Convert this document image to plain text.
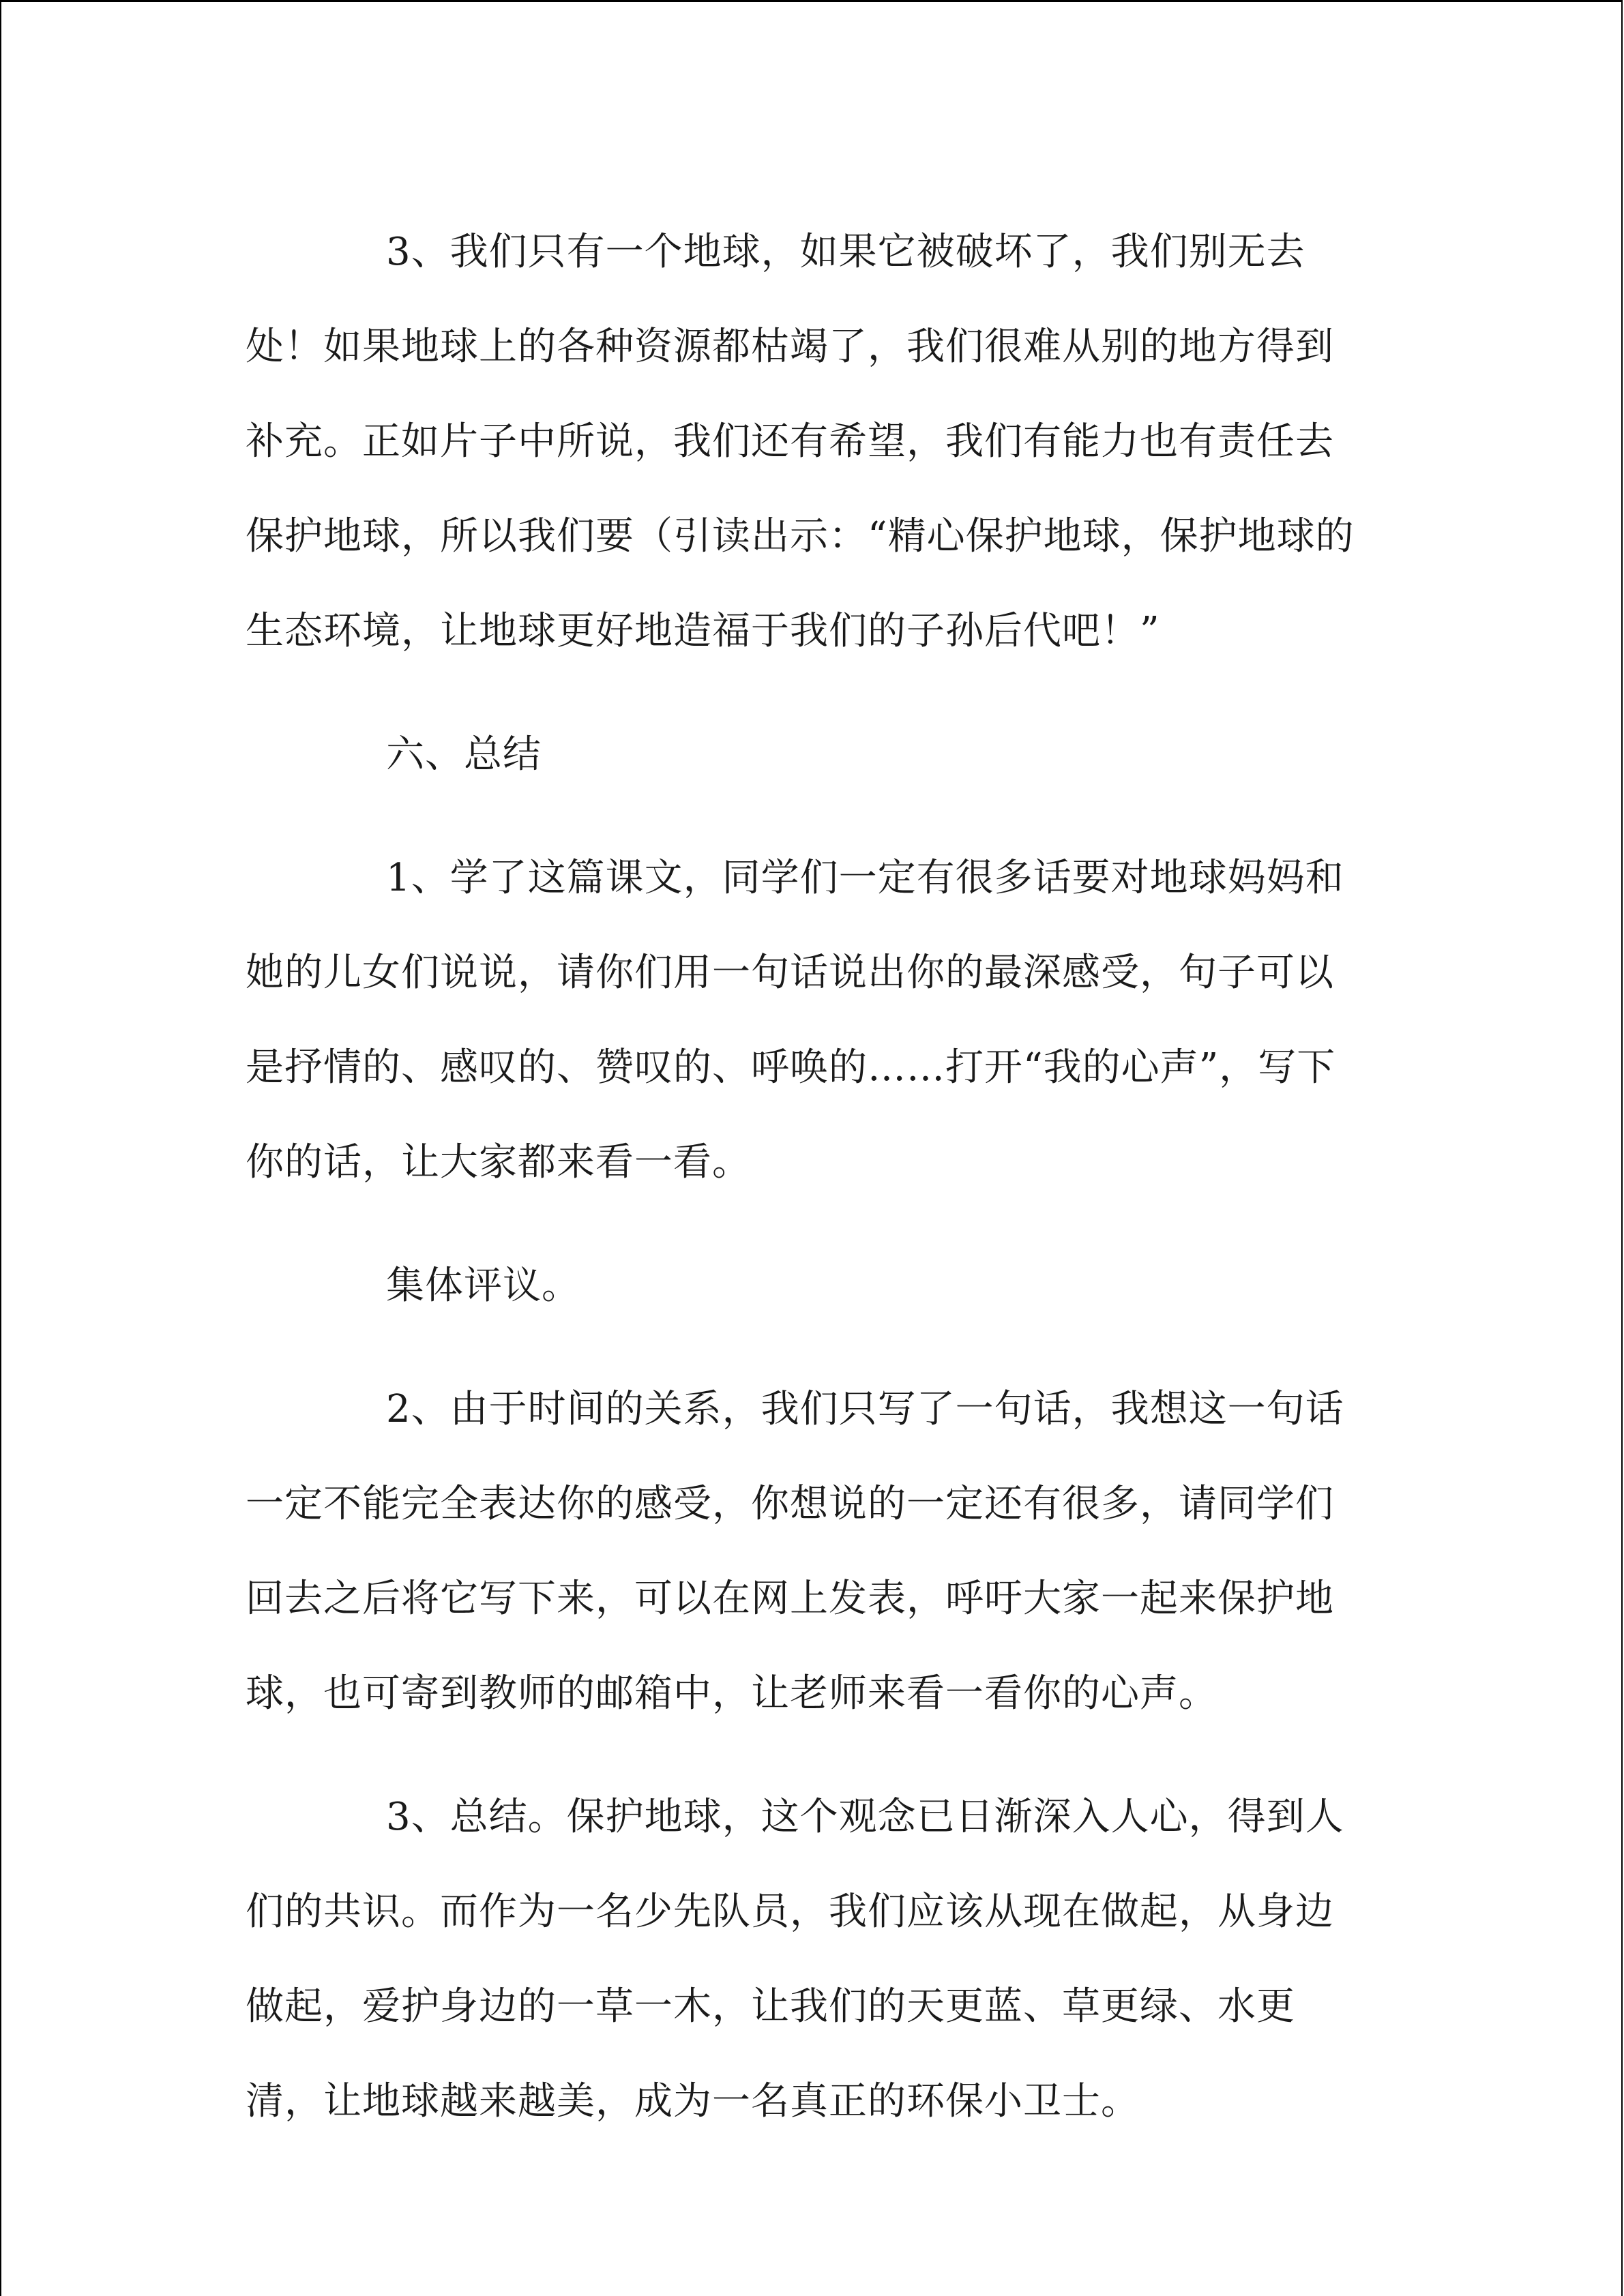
3、我们只有一个地球，如果它被破坏了，我们别无去处！如果地球上的各种资源都枯竭了，我们很难从别的地方得到补充。正如片子中所说，我们还有希望，我们有能力也有责任去保护地球，所以我们要（引读出示：“精心保护地球，保护地球的生态环境，让地球更好地造福于我们的子孙后代吧！”

六、总结

1、学了这篇课文，同学们一定有很多话要对地球妈妈和她的儿女们说说，请你们用一句话说出你的最深感受，句子可以是抒情的、感叹的、赞叹的、呼唤的……打开“我的心声”，写下你的话，让大家都来看一看。

集体评议。

2、由于时间的关系，我们只写了一句话，我想这一句话一定不能完全表达你的感受，你想说的一定还有很多，请同学们回去之后将它写下来，可以在网上发表，呼吁大家一起来保护地球，也可寄到教师的邮箱中，让老师来看一看你的心声。

3、总结。保护地球，这个观念已日渐深入人心，得到人们的共识。而作为一名少先队员，我们应该从现在做起，从身边做起，爱护身边的一草一木，让我们的天更蓝、草更绿、水更清，让地球越来越美，成为一名真正的环保小卫士。
